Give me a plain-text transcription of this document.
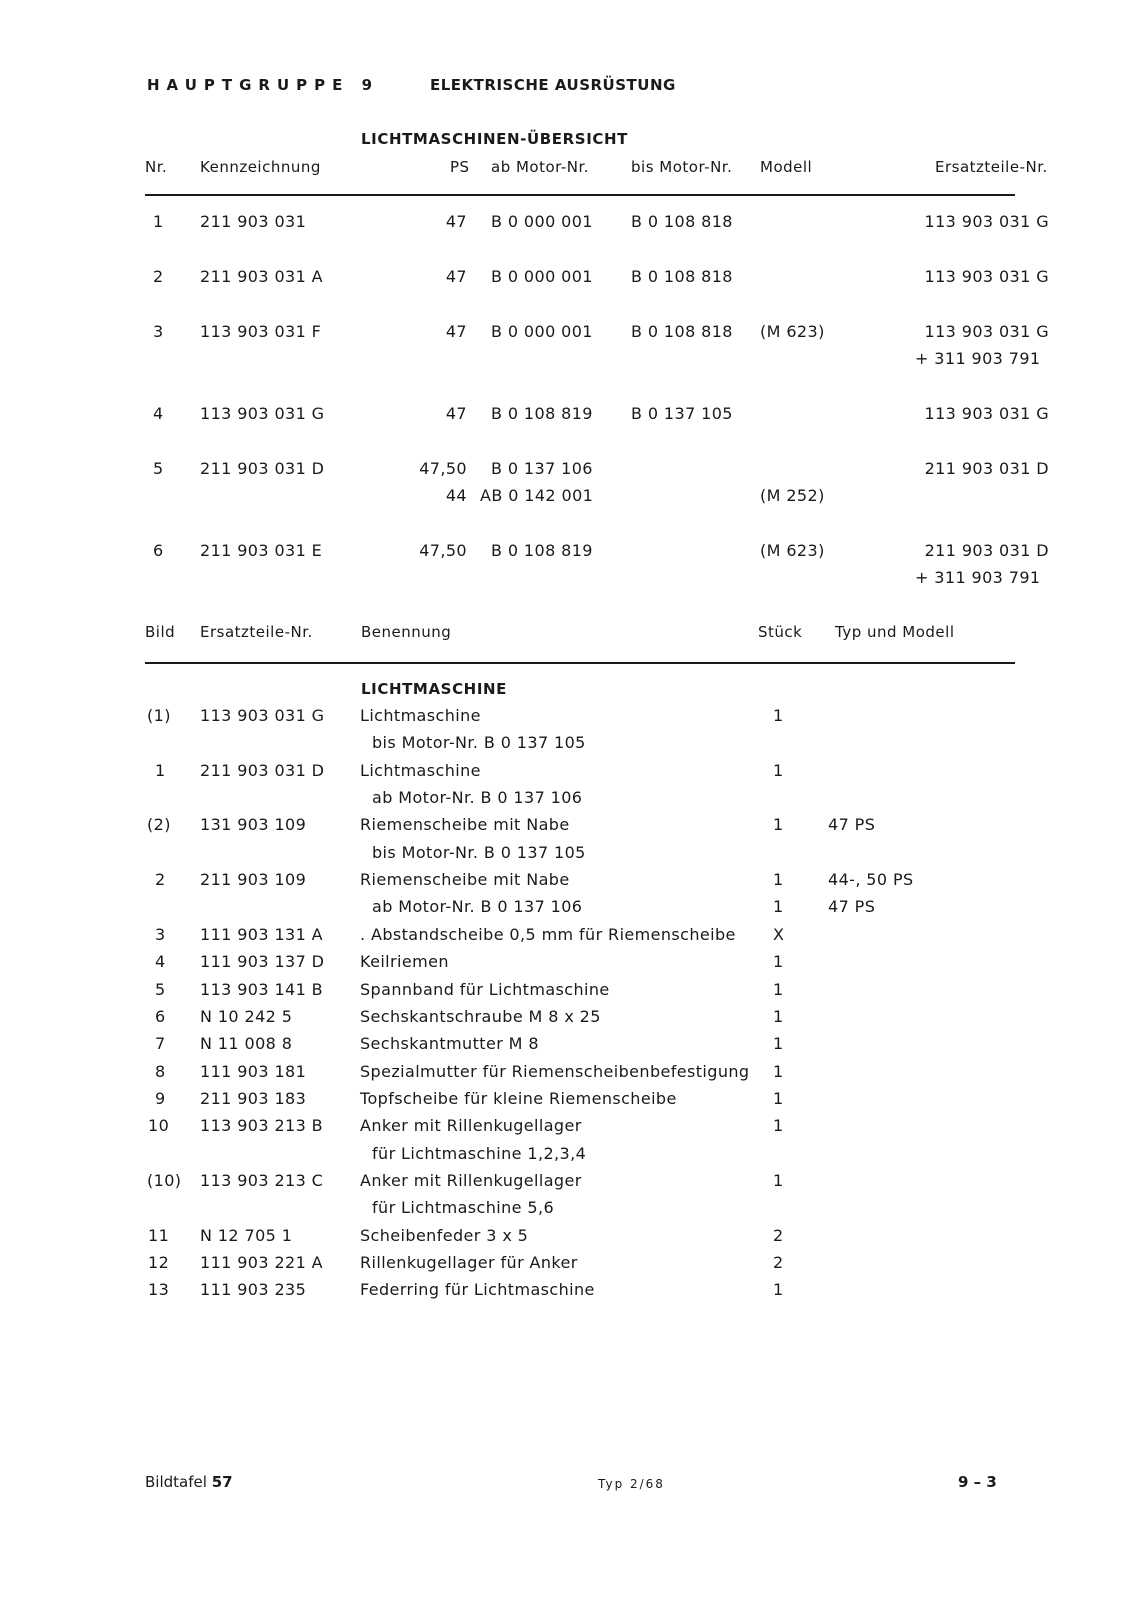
HAUPTGRUPPE 9	ELEKTRISCHE AUSRÜSTUNG
LICHTMASCHINEN-ÜBERSICHT
Nr. Kennzeichnung	PS ab Motor-Nr.	bis Motor-Nr. Modell	Ersatzteile-Nr.
1 211 903 031	47 B 0 000 001 B 0 108 818	113 903 031 G
2 211 903 031 A	47 B 0 000 001 B 0 108 818	113 903 031 G
3 113 903 031 F	47 B 0 000 001 B 0 108 818 (M 623)	113 903 031 G
+ 311 903 791
4 113 903 031 G	47 B 0 108 819 B 0 137 105	113 903 031 G
5 211 903 031 D	47,50 B 0 137 106	211 903 031 D
44 AB 0 142 001	(M 252)
6 211 903 031 E	47,50 B 0 108 819	(M 623)	211 903 031 D
+ 311 903 791
Bild Ersatzteile-Nr.	Benennung	Stück Typ und Modell
LICHTMASCHINE
(1) 113 903 031 G Lichtmaschine	1
bis Motor-Nr. B 0 137 105
1 211 903 031 D Lichtmaschine	1
ab Motor-Nr. B 0 137 106
(2) 131 903 109	Riemenscheibe mit Nabe	1	47 PS
bis Motor-Nr. B 0 137 105
2 211 903 109	Riemenscheibe mit Nabe	1	44-, 50 PS
ab Motor-Nr. B 0 137 106	1	47 PS
3 111 903 131 A . Abstandscheibe 0,5 mm für Riemenscheibe X
4 111 903 137 D Keilriemen	1
5 113 903 141 B Spannband für Lichtmaschine	1
6 N 10 242 5	Sechskantschraube M 8 x 25	1
7 N 11 008 8	Sechskantmutter M 8	1
8 111 903 181	Spezialmutter für Riemenscheibenbefestigung 1
9 211 903 183	Topfscheibe für kleine Riemenscheibe	1
10 113 903 213 B Anker mit Rillenkugellager	1
für Lichtmaschine 1,2,3,4
(10) 113 903 213 C Anker mit Rillenkugellager	1
für Lichtmaschine 5,6
11 N 12 705 1	Scheibenfeder 3 x 5	2
12 111 903 221 A Rillenkugellager für Anker	2
13 111 903 235	Federring für Lichtmaschine	1
Bildtafel 57	Typ 2/68	9 – 3
